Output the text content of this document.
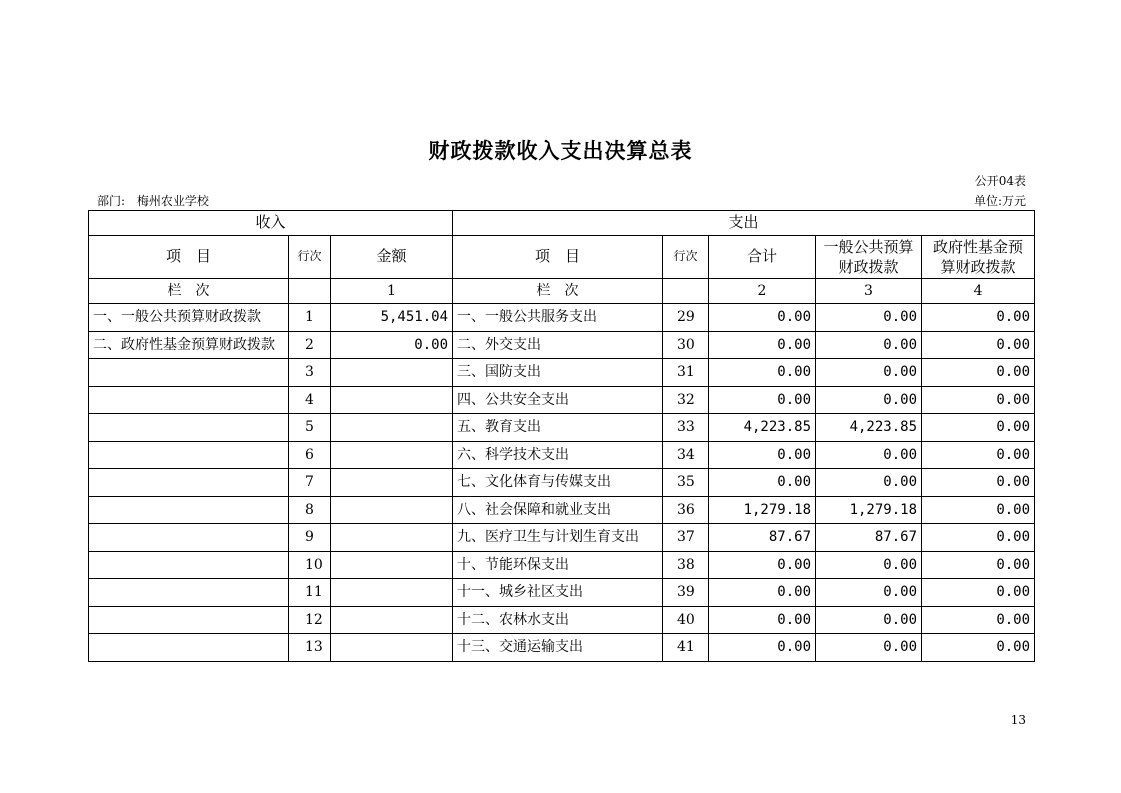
财政拨款收入支出决算总表
公开04表
部门: 梅州农业学校	单位:万元
收入			支出				
项　目	行次	金额	项　目	行次	合计	一般公共预算财政拨款	政府性基金预算财政拨款
栏　次		1	栏　次		2	3	4
一、一般公共预算财政拨款	1	5,451.04	一、一般公共服务支出	29	0.00	0.00	0.00
二、政府性基金预算财政拨款	2	0.00	二、外交支出	30	0.00	0.00	0.00
	3		三、国防支出	31	0.00	0.00	0.00
	4		四、公共安全支出	32	0.00	0.00	0.00
	5		五、教育支出	33	4,223.85	4,223.85	0.00
	6		六、科学技术支出	34	0.00	0.00	0.00
	7		七、文化体育与传媒支出	35	0.00	0.00	0.00
	8		八、社会保障和就业支出	36	1,279.18	1,279.18	0.00
	9		九、医疗卫生与计划生育支出	37	87.67	87.67	0.00
	10		十、节能环保支出	38	0.00	0.00	0.00
	11		十一、城乡社区支出	39	0.00	0.00	0.00
	12		十二、农林水支出	40	0.00	0.00	0.00
	13		十三、交通运输支出	41	0.00	0.00	0.00
13
